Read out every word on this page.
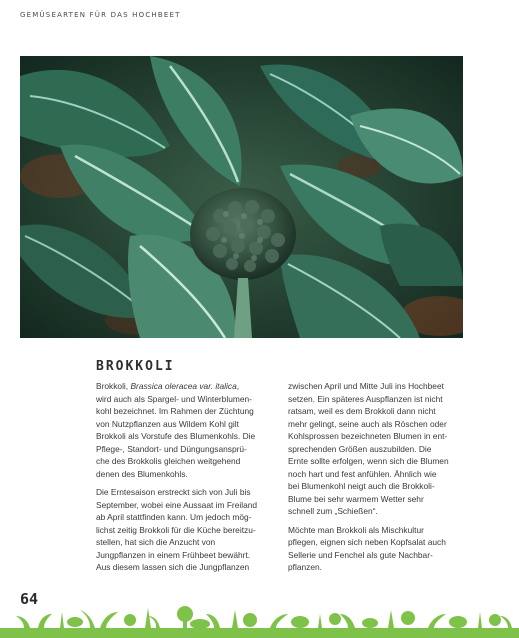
GEMÜSEARTEN FÜR DAS HOCHBEET
BROKKOLI

Brokkoli, Brassica oleracea var. italica,
wird auch als Spargel- und Winterblumen-
kohl bezeichnet. Im Rahmen der Züchtung
von Nutzpflanzen aus Wildem Kohl gilt
Brokkoli als Vorstufe des Blumenkohls. Die
Pflege-, Standort- und Düngungsansprü-
che des Brokkolis gleichen weitgehend
denen des Blumenkohls.

Die Erntesaison erstreckt sich von Juli bis
September, wobei eine Aussaat im Freiland
ab April stattfinden kann. Um jedoch mög-
lichst zeitig Brokkoli für die Küche bereitzu-
stellen, hat sich die Anzucht von
Jungpflanzen in einem Frühbeet bewährt.
Aus diesem lassen sich die Jungpflanzen

zwischen April und Mitte Juli ins Hochbeet
setzen. Ein späteres Auspflanzen ist nicht
ratsam, weil es dem Brokkoli dann nicht
mehr gelingt, seine auch als Röschen oder
Kohlsprossen bezeichneten Blumen in ent-
sprechenden Größen auszubilden. Die
Ernte sollte erfolgen, wenn sich die Blumen
noch hart und fest anfühlen. Ähnlich wie
bei Blumenkohl neigt auch die Brokkoli-
Blume bei sehr warmem Wetter sehr
schnell zum „Schießen“.

Möchte man Brokkoli als Mischkultur
pflegen, eignen sich neben Kopfsalat auch
Sellerie und Fenchel als gute Nachbar-
pflanzen.

64
